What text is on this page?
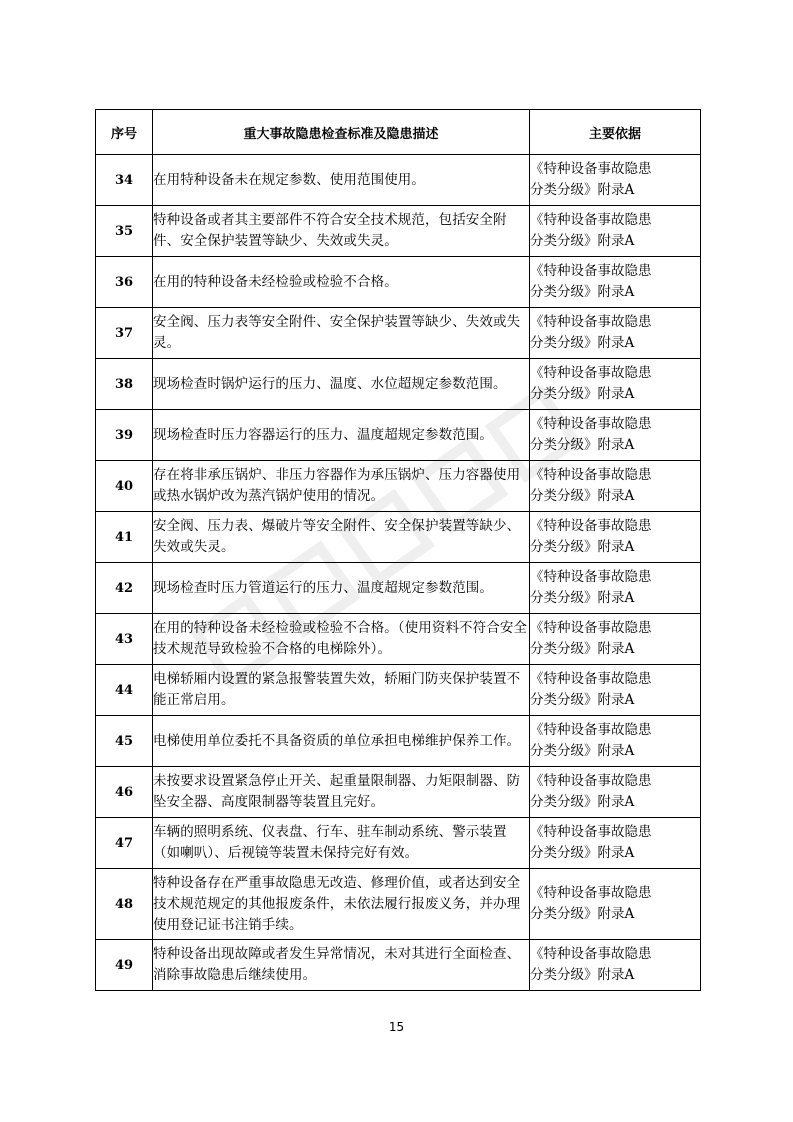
序号	重大事故隐患检查标准及隐患描述	主要依据
34	在用特种设备未在规定参数、使用范围使用。	《特种设备事故隐患
分类分级》附录A

35	特种设备或者其主要部件不符合安全技术规范，包括安全附件、安全保护装置等缺少、失效或失灵。	《特种设备事故隐患
分类分级》附录A

36	在用的特种设备未经检验或检验不合格。	《特种设备事故隐患
分类分级》附录A

37	安全阀、压力表等安全附件、安全保护装置等缺少、失效或失灵。	《特种设备事故隐患
分类分级》附录A

38	现场检查时锅炉运行的压力、温度、水位超规定参数范围。	《特种设备事故隐患
分类分级》附录A

39	现场检查时压力容器运行的压力、温度超规定参数范围。	《特种设备事故隐患
分类分级》附录A

40	存在将非承压锅炉、非压力容器作为承压锅炉、压力容器使用或热水锅炉改为蒸汽锅炉使用的情况。	《特种设备事故隐患
分类分级》附录A

41	安全阀、压力表、爆破片等安全附件、安全保护装置等缺少、失效或失灵。	《特种设备事故隐患
分类分级》附录A

42	现场检查时压力管道运行的压力、温度超规定参数范围。	《特种设备事故隐患
分类分级》附录A

43	在用的特种设备未经检验或检验不合格。（使用资料不符合安全技术规范导致检验不合格的电梯除外）。	《特种设备事故隐患
分类分级》附录A

44	电梯轿厢内设置的紧急报警装置失效，轿厢门防夹保护装置不能正常启用。	《特种设备事故隐患
分类分级》附录A

45	电梯使用单位委托不具备资质的单位承担电梯维护保养工作。	《特种设备事故隐患
分类分级》附录A

46	未按要求设置紧急停止开关、起重量限制器、力矩限制器、防坠安全器、高度限制器等装置且完好。	《特种设备事故隐患
分类分级》附录A

47	车辆的照明系统、仪表盘、行车、驻车制动系统、警示装置（如喇叭）、后视镜等装置未保持完好有效。	《特种设备事故隐患
分类分级》附录A

48	特种设备存在严重事故隐患无改造、修理价值，或者达到安全技术规范规定的其他报废条件，未依法履行报废义务，并办理使用登记证书注销手续。	《特种设备事故隐患
分类分级》附录A

49	特种设备出现故障或者发生异常情况，未对其进行全面检查、消除事故隐患后继续使用。	《特种设备事故隐患
分类分级》附录A
15
